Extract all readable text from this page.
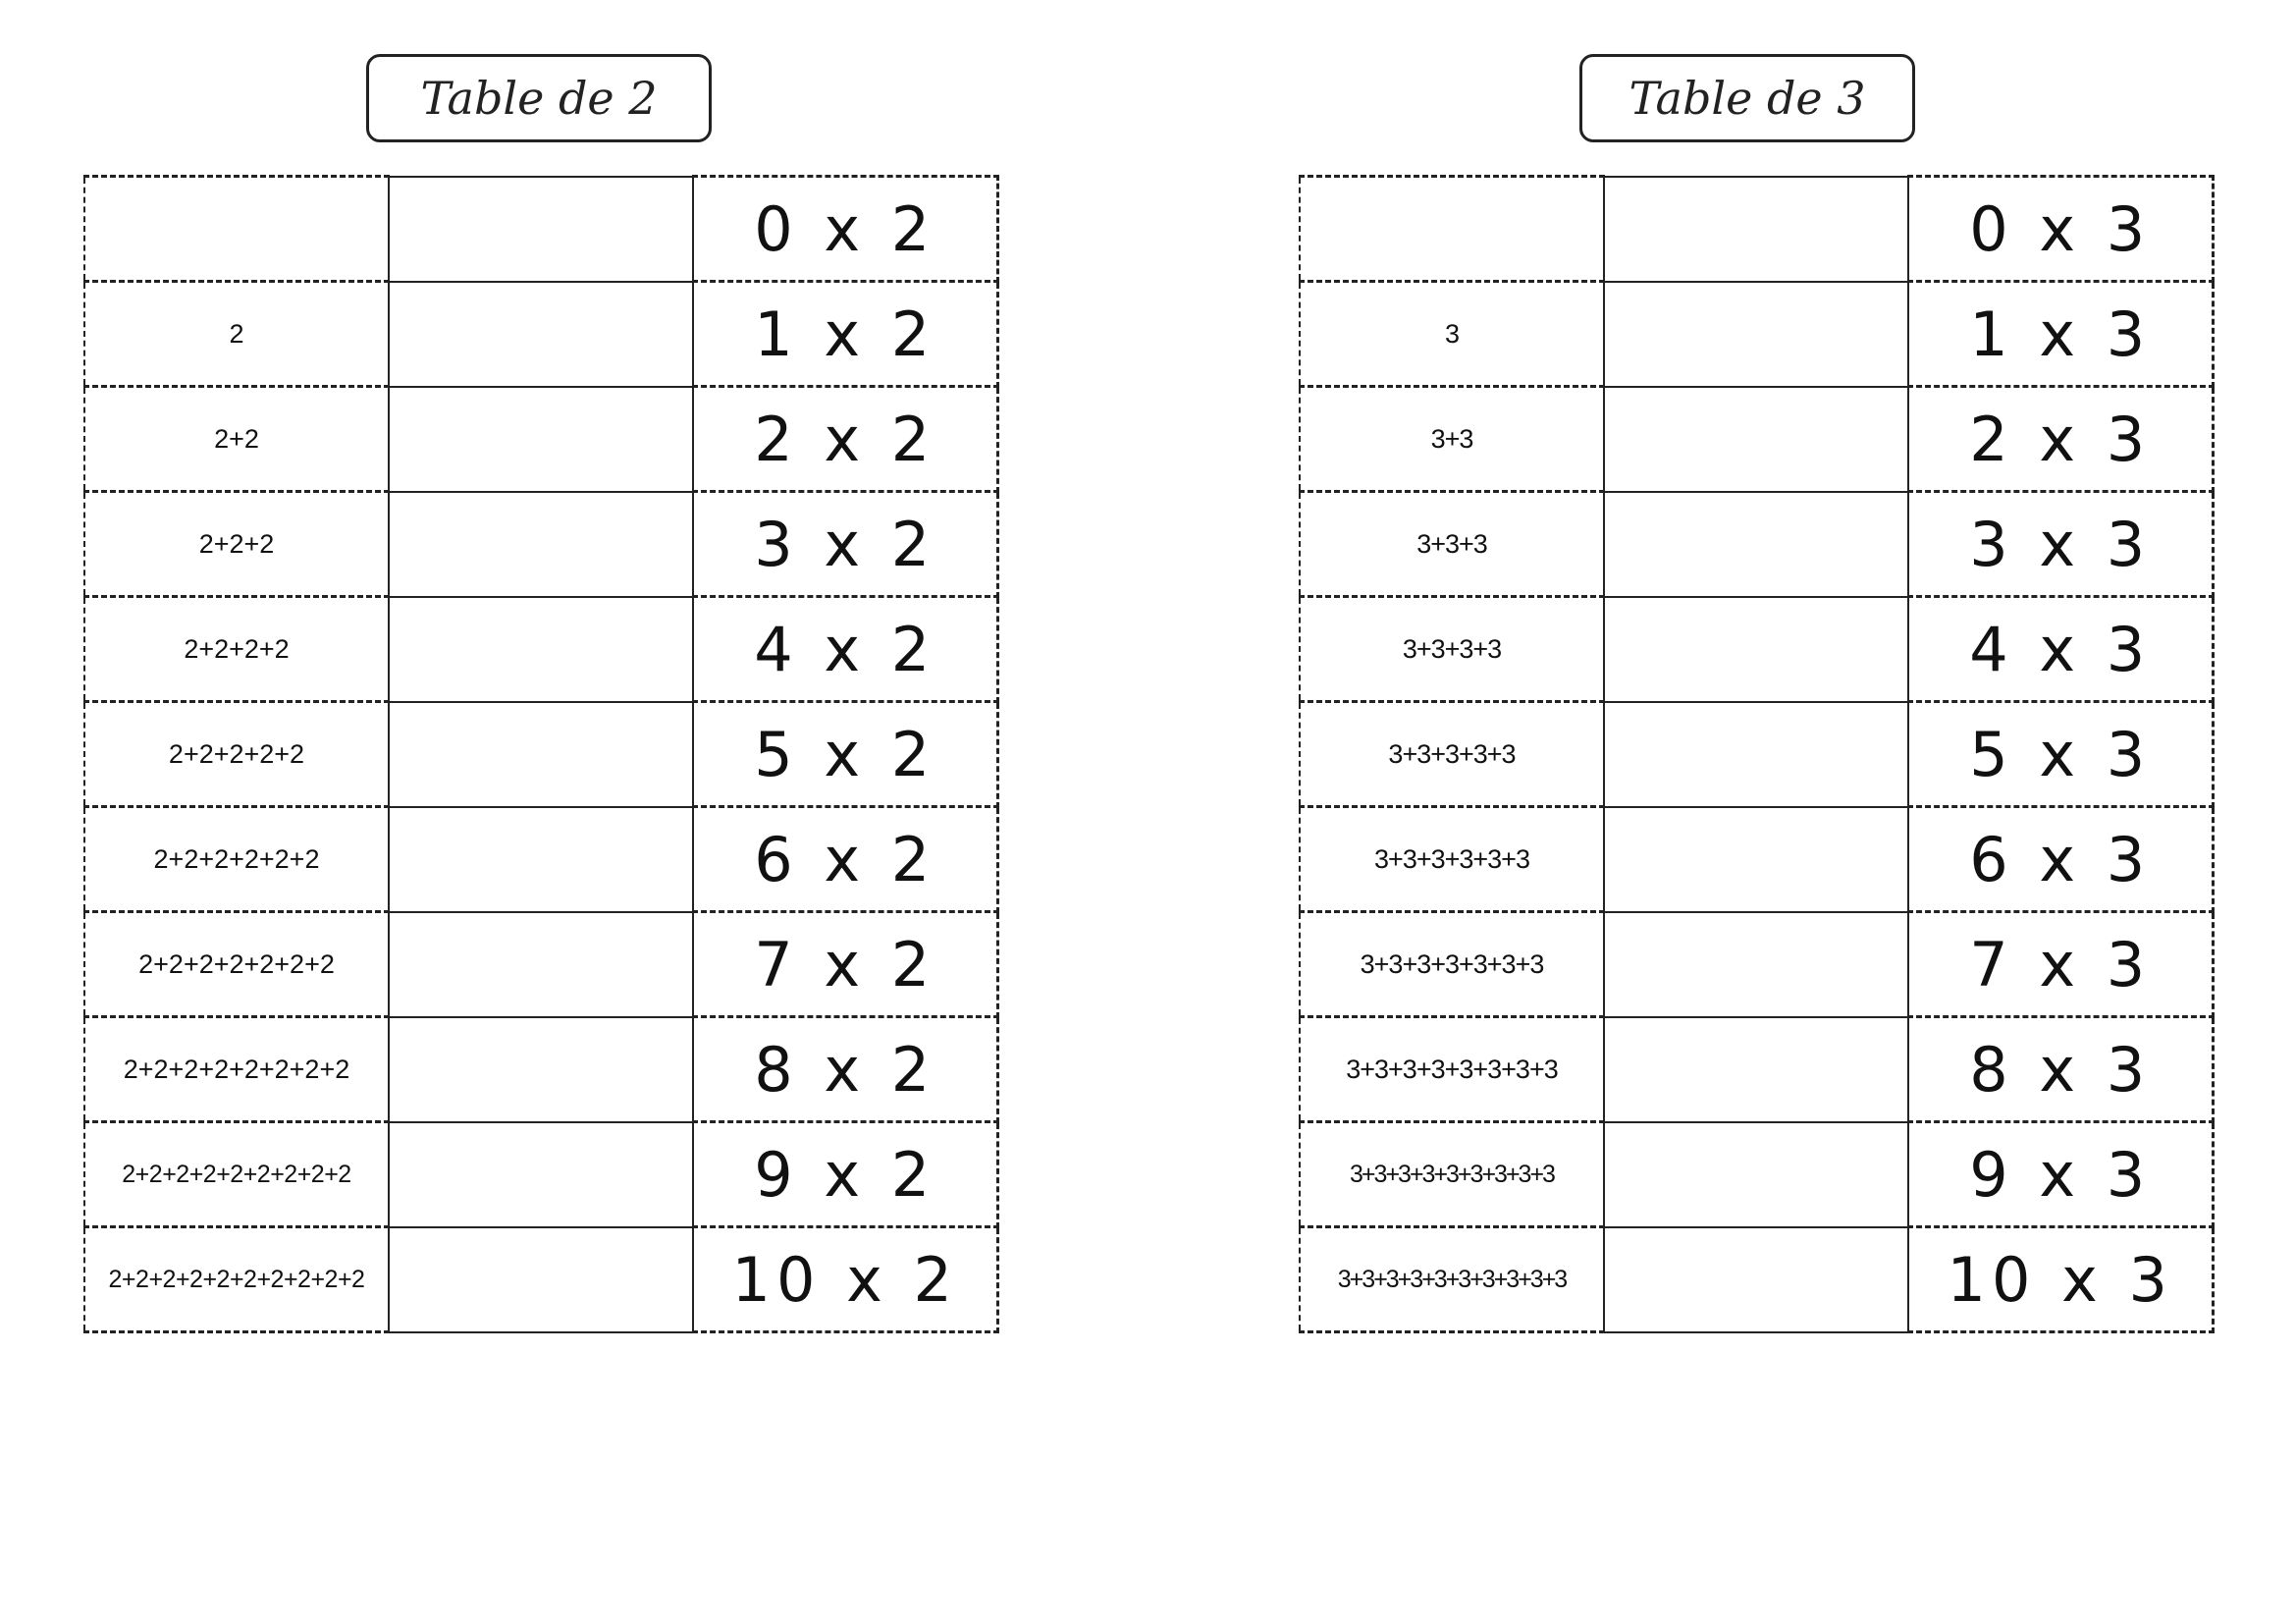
Table de 2
		0 x 2
2		1 x 2
2+2		2 x 2
2+2+2		3 x 2
2+2+2+2		4 x 2
2+2+2+2+2		5 x 2
2+2+2+2+2+2		6 x 2
2+2+2+2+2+2+2		7 x 2
2+2+2+2+2+2+2+2		8 x 2
2+2+2+2+2+2+2+2+2		9 x 2
2+2+2+2+2+2+2+2+2+2		10 x 2
Table de 3
		0 x 3
3		1 x 3
3+3		2 x 3
3+3+3		3 x 3
3+3+3+3		4 x 3
3+3+3+3+3		5 x 3
3+3+3+3+3+3		6 x 3
3+3+3+3+3+3+3		7 x 3
3+3+3+3+3+3+3+3		8 x 3
3+3+3+3+3+3+3+3+3		9 x 3
3+3+3+3+3+3+3+3+3+3		10 x 3
